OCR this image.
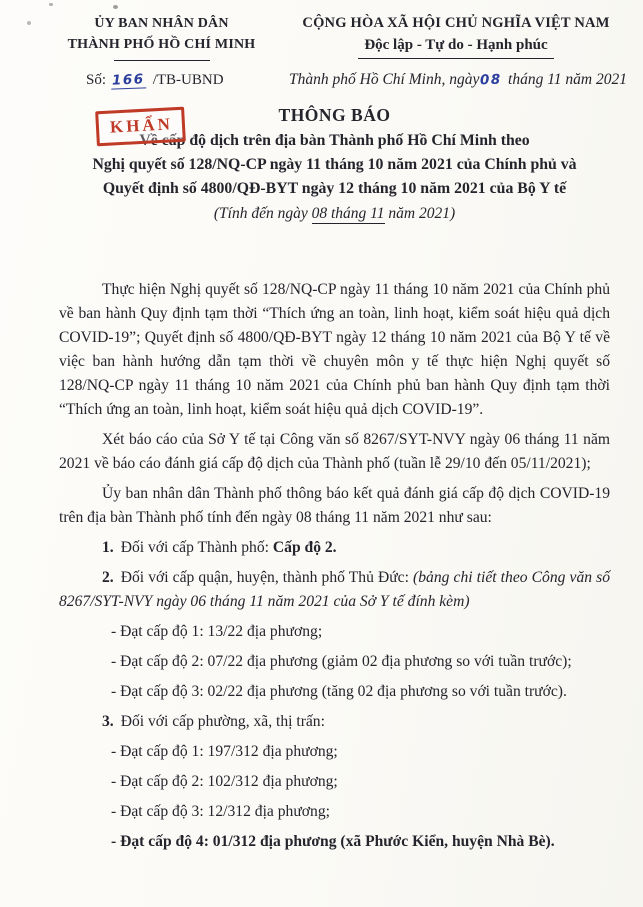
ỦY BAN NHÂN DÂN
THÀNH PHỐ HỒ CHÍ MINH
CỘNG HÒA XÃ HỘI CHỦ NGHĨA VIỆT NAM
Độc lập - Tự do - Hạnh phúc
Số: 166 /TB-UBND	Thành phố Hồ Chí Minh, ngày08 tháng 11 năm 2021
KHẨN	THÔNG BÁO
Về cấp độ dịch trên địa bàn Thành phố Hồ Chí Minh theo
Nghị quyết số 128/NQ-CP ngày 11 tháng 10 năm 2021 của Chính phủ và
Quyết định số 4800/QĐ-BYT ngày 12 tháng 10 năm 2021 của Bộ Y tế
(Tính đến ngày 08 tháng 11 năm 2021)

Thực hiện Nghị quyết số 128/NQ-CP ngày 11 tháng 10 năm 2021 của Chính phủ về ban hành Quy định tạm thời “Thích ứng an toàn, linh hoạt, kiểm soát hiệu quả dịch COVID-19”; Quyết định số 4800/QĐ-BYT ngày 12 tháng 10 năm 2021 của Bộ Y tế về việc ban hành hướng dẫn tạm thời về chuyên môn y tế thực hiện Nghị quyết số 128/NQ-CP ngày 11 tháng 10 năm 2021 của Chính phủ ban hành Quy định tạm thời “Thích ứng an toàn, linh hoạt, kiểm soát hiệu quả dịch COVID-19”.

Xét báo cáo của Sở Y tế tại Công văn số 8267/SYT-NVY ngày 06 tháng 11 năm 2021 về báo cáo đánh giá cấp độ dịch của Thành phố (tuần lễ 29/10 đến 05/11/2021);

Ủy ban nhân dân Thành phố thông báo kết quả đánh giá cấp độ dịch COVID-19 trên địa bàn Thành phố tính đến ngày 08 tháng 11 năm 2021 như sau:

1. Đối với cấp Thành phố: Cấp độ 2.

2. Đối với cấp quận, huyện, thành phố Thủ Đức: (bảng chi tiết theo Công văn số 8267/SYT-NVY ngày 06 tháng 11 năm 2021 của Sở Y tế đính kèm)

- Đạt cấp độ 1: 13/22 địa phương;

- Đạt cấp độ 2: 07/22 địa phương (giảm 02 địa phương so với tuần trước);

- Đạt cấp độ 3: 02/22 địa phương (tăng 02 địa phương so với tuần trước).

3. Đối với cấp phường, xã, thị trấn:

- Đạt cấp độ 1: 197/312 địa phương;

- Đạt cấp độ 2: 102/312 địa phương;

- Đạt cấp độ 3: 12/312 địa phương;

- Đạt cấp độ 4: 01/312 địa phương (xã Phước Kiển, huyện Nhà Bè).
